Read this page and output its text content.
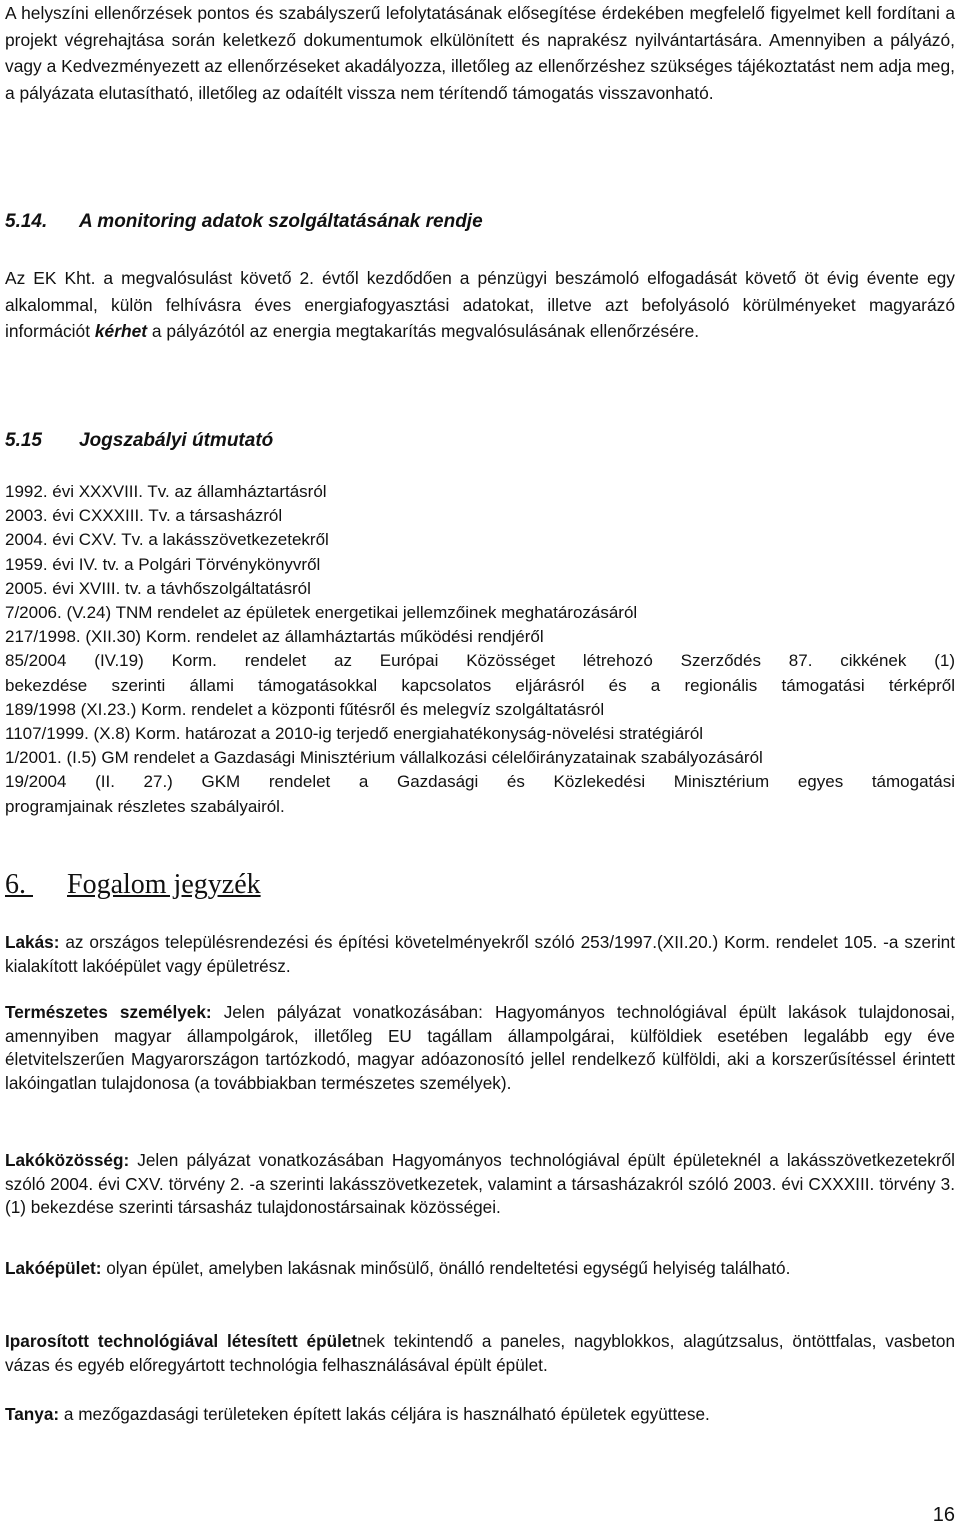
A helyszíni ellenőrzések pontos és szabályszerű lefolytatásának elősegítése érdekében megfelelő figyelmet kell fordítani a projekt végrehajtása során keletkező dokumentumok elkülönített és naprakész nyilvántartására. Amennyiben a pályázó, vagy a Kedvezményezett az ellenőrzéseket akadályozza, illetőleg az ellenőrzéshez szükséges tájékoztatást nem adja meg, a pályázata elutasítható, illetőleg az odaítélt vissza nem térítendő támogatás visszavonható.

5.14. A monitoring adatok szolgáltatásának rendje

Az EK Kht. a megvalósulást követő 2. évtől kezdődően a pénzügyi beszámoló elfogadását követő öt évig évente egy alkalommal, külön felhívásra éves energiafogyasztási adatokat, illetve azt befolyásoló körülményeket magyarázó információt kérhet a pályázótól az energia megtakarítás megvalósulásának ellenőrzésére.

5.15 Jogszabályi útmutató
1992. évi XXXVIII. Tv. az államháztartásról
2003. évi CXXXIII. Tv. a társasházról
2004. évi CXV. Tv. a lakásszövetkezetekről
1959. évi IV. tv. a Polgári Törvénykönyvről
2005. évi XVIII. tv. a távhőszolgáltatásról
7/2006. (V.24) TNM rendelet az épületek energetikai jellemzőinek meghatározásáról
217/1998. (XII.30) Korm. rendelet az államháztartás működési rendjéről
85/2004 (IV.19) Korm. rendelet az Európai Közösséget létrehozó Szerződés 87. cikkének (1)
bekezdése szerinti állami támogatásokkal kapcsolatos eljárásról és a regionális támogatási térképről
189/1998 (XI.23.) Korm. rendelet a központi fűtésről és melegvíz szolgáltatásról
1107/1999. (X.8) Korm. határozat a 2010-ig terjedő energiahatékonyság-növelési stratégiáról
1/2001. (I.5) GM rendelet a Gazdasági Minisztérium vállalkozási célelőirányzatainak szabályozásáról
19/2004 (II. 27.) GKM rendelet a Gazdasági és Közlekedési Minisztérium egyes támogatási
programjainak részletes szabályairól.
6. Fogalom jegyzék

Lakás: az országos településrendezési és építési követelményekről szóló 253/1997.(XII.20.) Korm. rendelet 105. -a szerint kialakított lakóépület vagy épületrész.

Természetes személyek: Jelen pályázat vonatkozásában: Hagyományos technológiával épült lakások tulajdonosai, amennyiben magyar állampolgárok, illetőleg EU tagállam állampolgárai, külföldiek esetében legalább egy éve életvitelszerűen Magyarországon tartózkodó, magyar adóazonosító jellel rendelkező külföldi, aki a korszerűsítéssel érintett lakóingatlan tulajdonosa (a továbbiakban természetes személyek).

Lakóközösség: Jelen pályázat vonatkozásában Hagyományos technológiával épült épületeknél a lakásszövetkezetekről szóló 2004. évi CXV. törvény 2. -a szerinti lakásszövetkezetek, valamint a társasházakról szóló 2003. évi CXXXIII. törvény 3. (1) bekezdése szerinti társasház tulajdonostársainak közösségei.

Lakóépület: olyan épület, amelyben lakásnak minősülő, önálló rendeltetési egységű helyiség található.

Iparosított technológiával létesített épületnek tekintendő a paneles, nagyblokkos, alagútzsalus, öntöttfalas, vasbeton vázas és egyéb előregyártott technológia felhasználásával épült épület.

Tanya: a mezőgazdasági területeken épített lakás céljára is használható épületek együttese.

16
